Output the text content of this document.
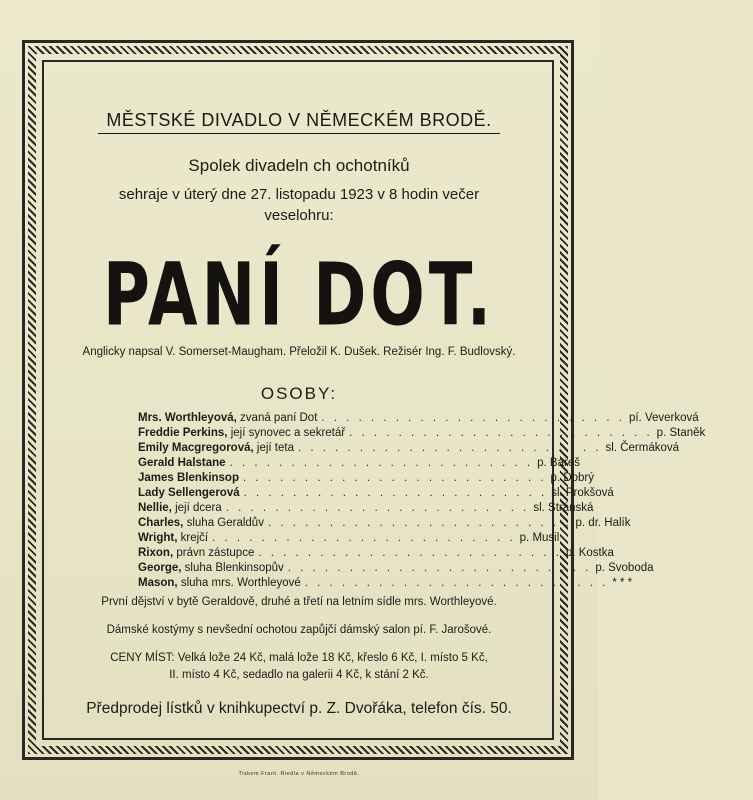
MĚSTSKÉ DIVADLO V NĚMECKÉM BRODĚ.
Spolek divadeln ch ochotníků
sehraje v úterý dne 27. listopadu 1923 v 8 hodin večer
veselohru:
PANÍ DOT.
Anglicky napsal V. Somerset-Maugham. Přeložil K. Dušek. Režisér Ing. F. Budlovský.
OSOBY:
Mrs. Worthleyová, zvaná paní Dot . . . . . . . . . . . . . . . . . . . . . . . . . pí. Veverková
Freddie Perkins, její synovec a sekretář . . . . . . . . . . . . . . . . . . . . . . . . . p. Staněk
Emily Macgregorová, její teta . . . . . . . . . . . . . . . . . . . . . . . . . sl. Čermáková
Gerald Halstane . . . . . . . . . . . . . . . . . . . . . . . . . p. Bareš
James Blenkinsop . . . . . . . . . . . . . . . . . . . . . . . . . p. Dobrý
Lady Sellengerová . . . . . . . . . . . . . . . . . . . . . . . . . sl. Prokšová
Nellie, její dcera . . . . . . . . . . . . . . . . . . . . . . . . . sl. Stránská
Charles, sluha Geraldův . . . . . . . . . . . . . . . . . . . . . . . . . p. dr. Halík
Wright, krejčí . . . . . . . . . . . . . . . . . . . . . . . . . p. Musil
Rixon, právn zástupce . . . . . . . . . . . . . . . . . . . . . . . . . p. Kostka
George, sluha Blenkinsopův . . . . . . . . . . . . . . . . . . . . . . . . . p. Svoboda
Mason, sluha mrs. Worthleyové . . . . . . . . . . . . . . . . . . . . . . . . . * * *
První dějství v bytě Geraldově, druhé a třetí na letním sídle mrs. Worthleyové.
Dámské kostýmy s nevšední ochotou zapůjčí dámský salon pí. F. Jarošové.
CENY MÍST: Velká lože 24 Kč, malá lože 18 Kč, křeslo 6 Kč, I. místo 5 Kč,
II. místo 4 Kč, sedadlo na galerii 4 Kč, k stání 2 Kč.
Předprodej lístků v knihkupectví p. Z. Dvořáka, telefon čís. 50.
Tiskem Frant. Riedla v Německém Brodě.
